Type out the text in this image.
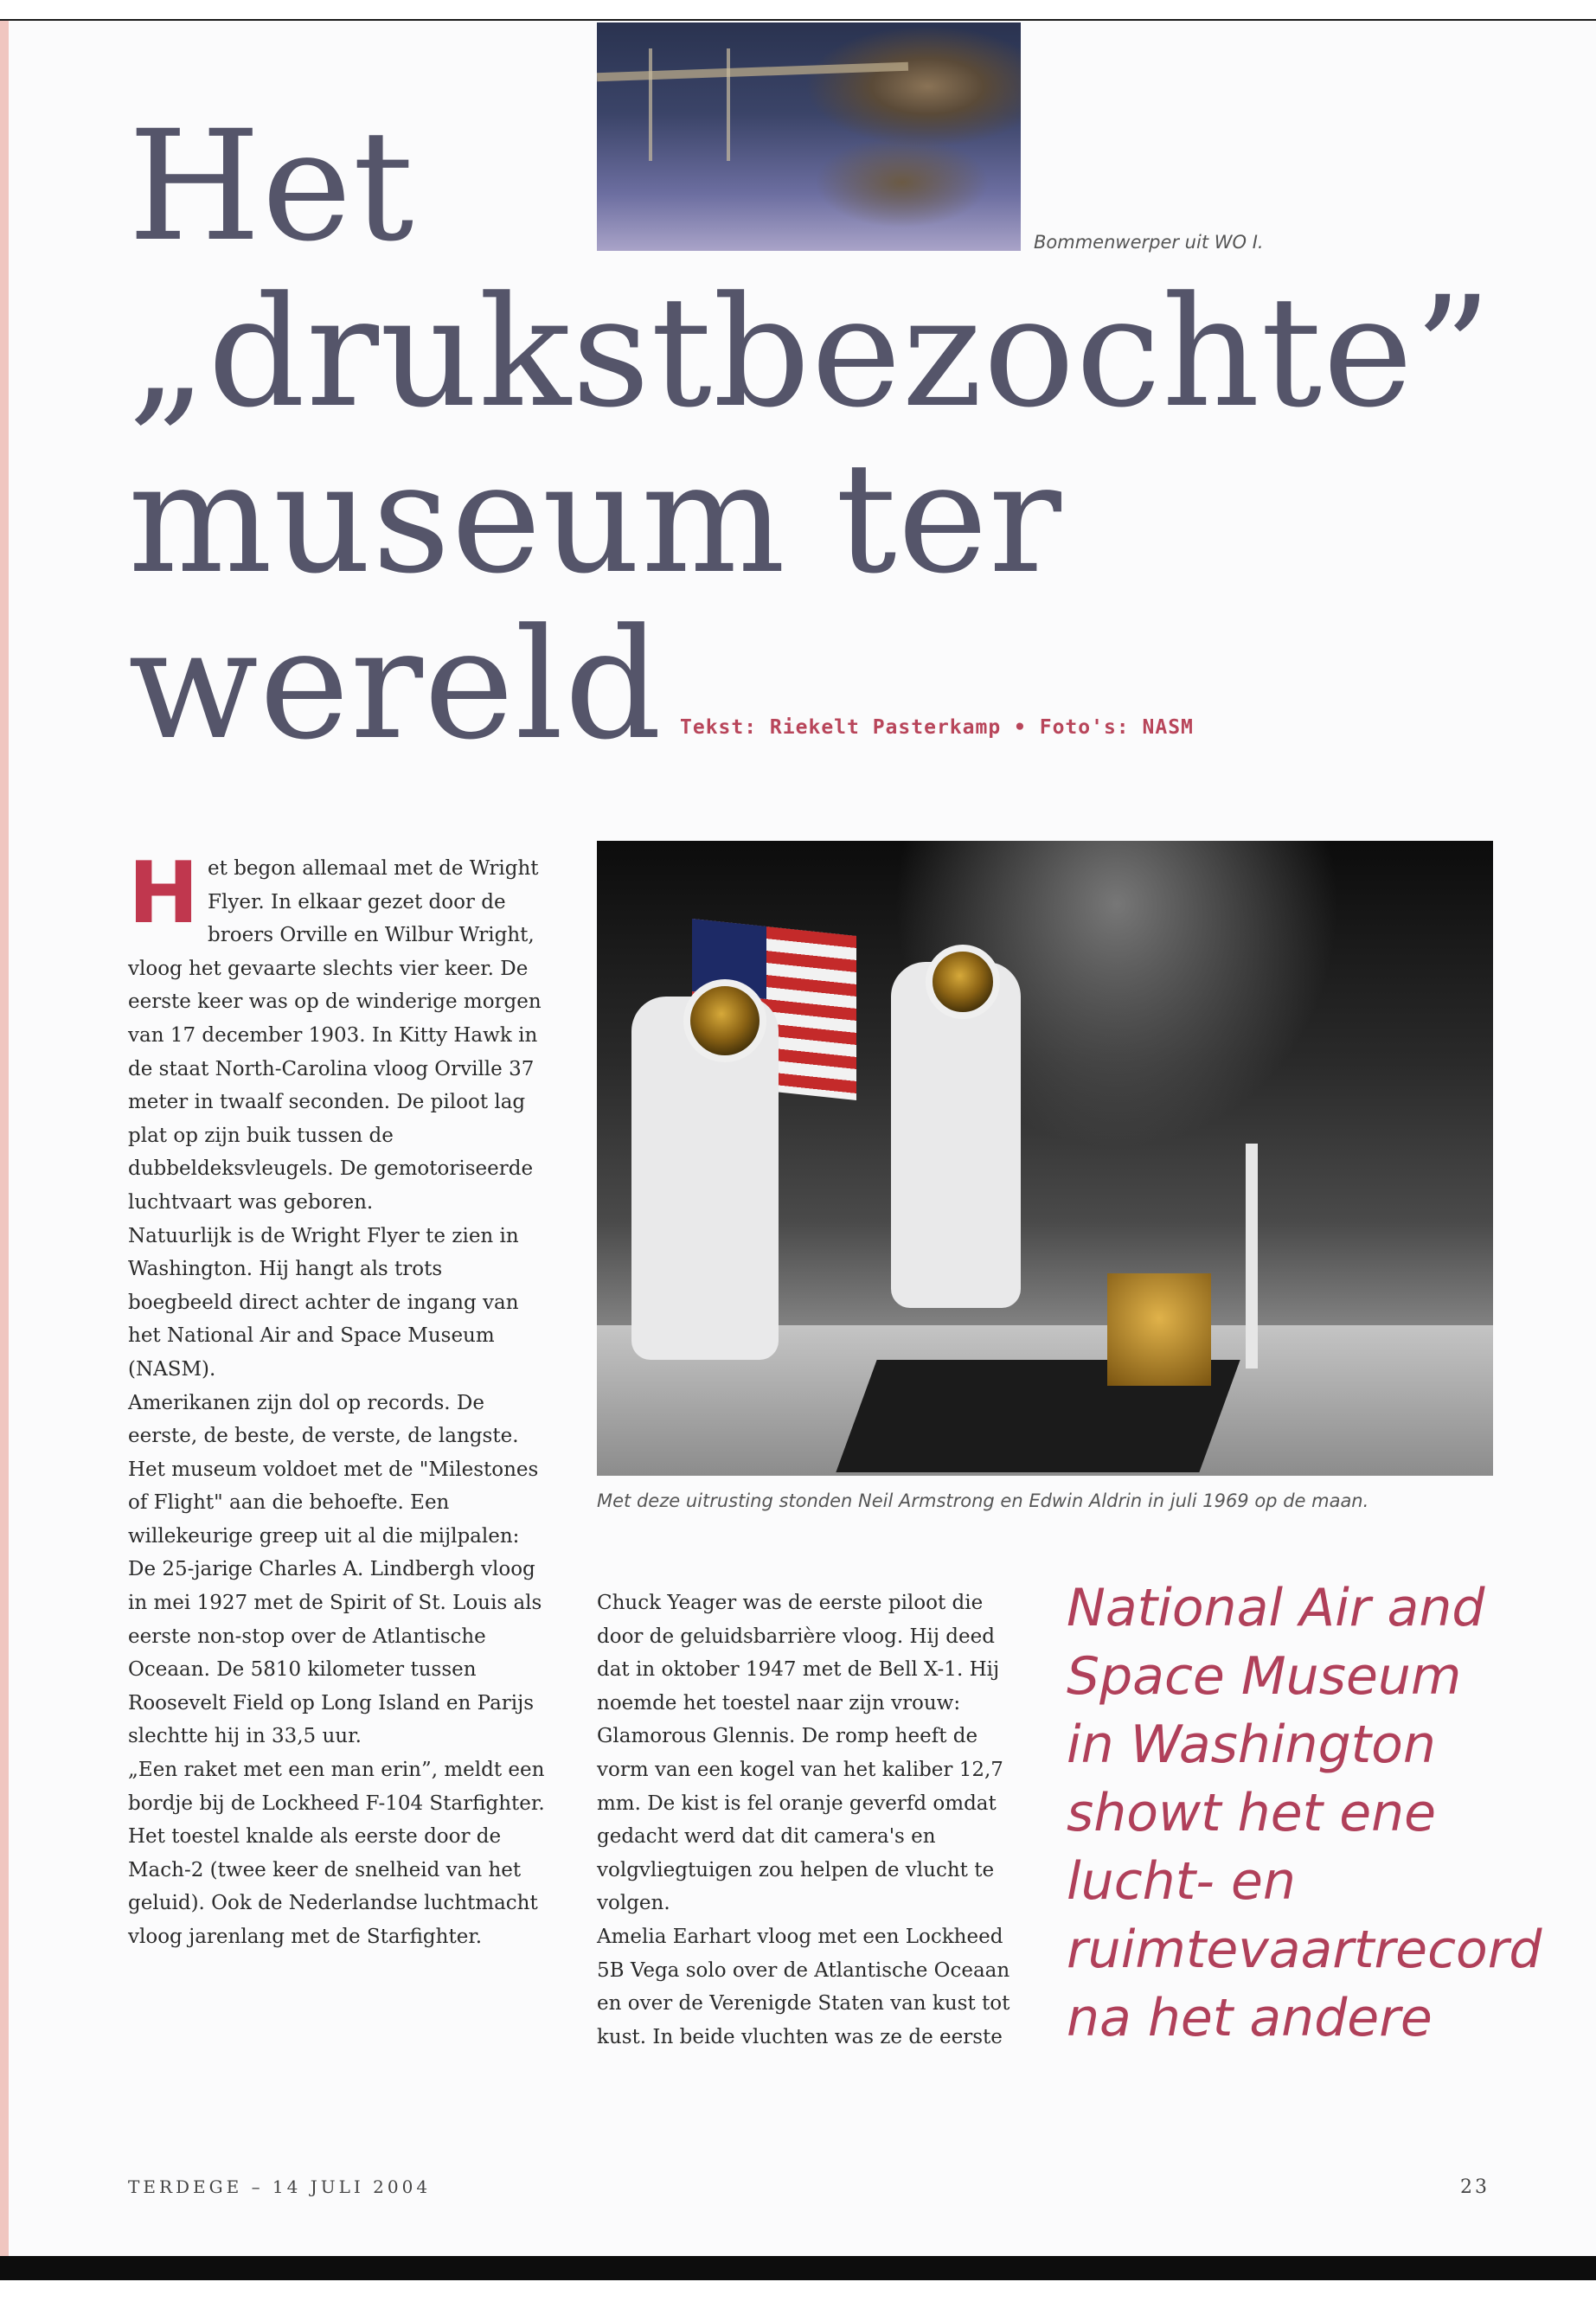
Het
„drukstbezochte”
museum ter
wereld Tekst: Riekelt Pasterkamp • Foto's: NASM
Bommenwerper uit WO I.
Met deze uitrusting stonden Neil Armstrong en Edwin Aldrin in juli 1969 op de maan.

Het begon allemaal met de Wright Flyer. In elkaar gezet door de broers Orville en Wilbur Wright, vloog het gevaarte slechts vier keer. De eerste keer was op de winderige morgen van 17 december 1903. In Kitty Hawk in de staat North-Carolina vloog Orville 37 meter in twaalf seconden. De piloot lag plat op zijn buik tussen de dubbeldeksvleugels. De gemotoriseerde luchtvaart was geboren.

Natuurlijk is de Wright Flyer te zien in Washington. Hij hangt als trots boegbeeld direct achter de ingang van het National Air and Space Museum (NASM).

Amerikanen zijn dol op records. De eerste, de beste, de verste, de langste. Het museum voldoet met de "Milestones of Flight" aan die behoefte. Een willekeurige greep uit al die mijlpalen:

De 25-jarige Charles A. Lindbergh vloog in mei 1927 met de Spirit of St. Louis als eerste non-stop over de Atlantische Oceaan. De 5810 kilometer tussen Roosevelt Field op Long Island en Parijs slechtte hij in 33,5 uur.

„Een raket met een man erin”, meldt een bordje bij de Lockheed F-104 Starfighter. Het toestel knalde als eerste door de Mach-2 (twee keer de snelheid van het geluid). Ook de Nederlandse luchtmacht vloog jarenlang met de Starfighter.

Chuck Yeager was de eerste piloot die door de geluidsbarrière vloog. Hij deed dat in oktober 1947 met de Bell X-1. Hij noemde het toestel naar zijn vrouw: Glamorous Glennis. De romp heeft de vorm van een kogel van het kaliber 12,7 mm. De kist is fel oranje geverfd omdat gedacht werd dat dit camera's en volgvliegtuigen zou helpen de vlucht te volgen.

Amelia Earhart vloog met een Lockheed 5B Vega solo over de Atlantische Oceaan en over de Verenigde Staten van kust tot kust. In beide vluchten was ze de eerste

National Air and Space Museum in Washington showt het ene lucht- en ruimtevaartrecord na het andere

TERDEGE – 14 JULI 2004	23
